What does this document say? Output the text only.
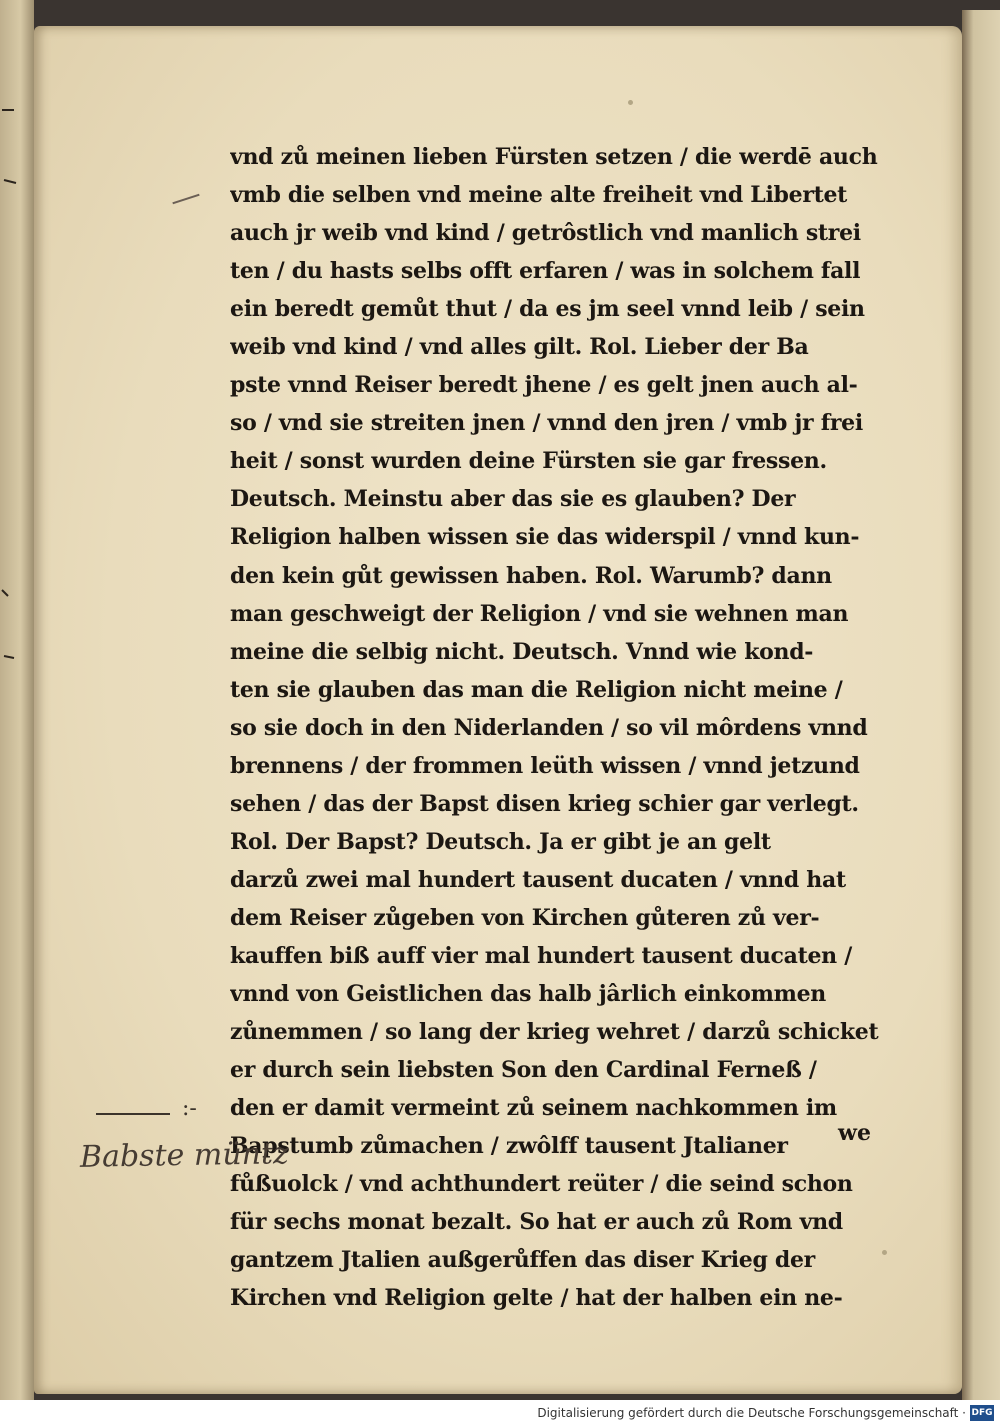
vnd zů meinen lieben Fürsten setzen / die werdē auch
vmb die selben vnd meine alte freiheit vnd Libertet
auch jr weib vnd kind / getrôstlich vnd manlich strei
ten / du hasts selbs offt erfaren / was in solchem fall
ein beredt gemůt thut / da es jm seel vnnd leib / sein
weib vnd kind / vnd alles gilt. Rol. Lieber der Ba
pste vnnd Reiser beredt jhene / es gelt jnen auch al-
so / vnd sie streiten jnen / vnnd den jren / vmb jr frei
heit / sonst wurden deine Fürsten sie gar fressen.
Deutsch. Meinstu aber das sie es glauben? Der
Religion halben wissen sie das widerspil / vnnd kun-
den kein gůt gewissen haben. Rol. Warumb? dann
man geschweigt der Religion / vnd sie wehnen man
meine die selbig nicht. Deutsch. Vnnd wie kond-
ten sie glauben das man die Religion nicht meine /
so sie doch in den Niderlanden / so vil môrdens vnnd
brennens / der frommen leüth wissen / vnnd jetzund
sehen / das der Bapst disen krieg schier gar verlegt.
Rol. Der Bapst? Deutsch. Ja er gibt je an gelt
darzů zwei mal hundert tausent ducaten / vnnd hat
dem Reiser zůgeben von Kirchen gůteren zů ver-
kauffen biß auff vier mal hundert tausent ducaten /
vnnd von Geistlichen das halb jârlich einkommen
zůnemmen / so lang der krieg wehret / darzů schicket
er durch sein liebsten Son den Cardinal Ferneß /
den er damit vermeint zů seinem nachkommen im
Bapstumb zůmachen / zwôlff tausent Jtalianer
fůßuolck / vnd achthundert reüter / die seind schon
für sechs monat bezalt. So hat er auch zů Rom vnd
gantzem Jtalien außgerůffen das diser Krieg der
Kirchen vnd Religion gelte / hat der halben ein ne-
we
:-
Babste müntz
Digitalisierung gefördert durch die Deutsche Forschungsgemeinschaft · DFG
